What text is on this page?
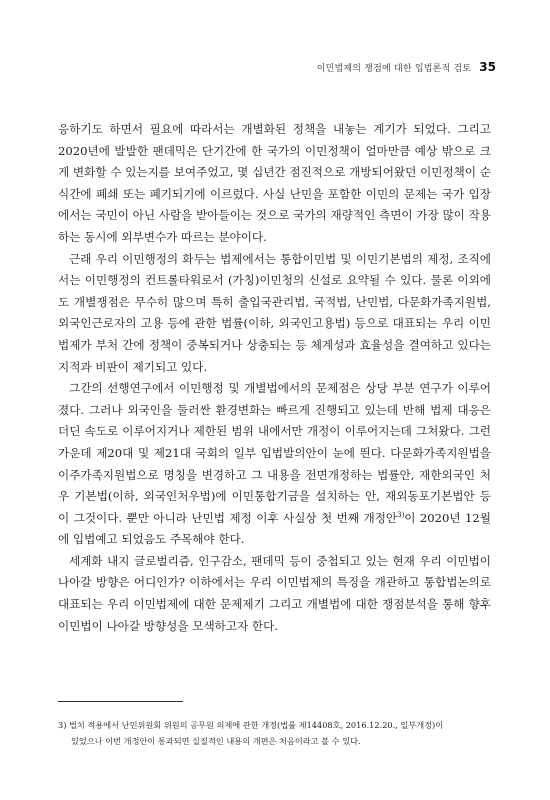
이민법제의 쟁점에 대한 입법론적 검토 35

응하기도 하면서 필요에 따라서는 개별화된 정책을 내놓는 계기가 되었다. 그리고 2020년에 발발한 팬데믹은 단기간에 한 국가의 이민정책이 얼마만큼 예상 밖으로 크게 변화할 수 있는지를 보여주었고, 몇 십년간 점진적으로 개방되어왔던 이민정책이 순식간에 폐쇄 또는 폐기되기에 이르렀다. 사실 난민을 포함한 이민의 문제는 국가 입장에서는 국민이 아닌 사람을 받아들이는 것으로 국가의 재량적인 측면이 가장 많이 작용하는 동시에 외부변수가 따르는 분야이다.

근래 우리 이민행정의 화두는 법제에서는 통합이민법 및 이민기본법의 제정, 조직에서는 이민행정의 컨트롤타워로서 (가칭)이민청의 신설로 요약될 수 있다. 물론 이외에도 개별쟁점은 무수히 많으며 특히 출입국관리법, 국적법, 난민법, 다문화가족지원법, 외국인근로자의 고용 등에 관한 법률(이하, 외국인고용법) 등으로 대표되는 우리 이민법제가 부처 간에 정책이 중복되거나 상충되는 등 체계성과 효율성을 결여하고 있다는 지적과 비판이 제기되고 있다.

그간의 선행연구에서 이민행정 및 개별법에서의 문제점은 상당 부분 연구가 이루어졌다. 그러나 외국인을 둘러싼 환경변화는 빠르게 진행되고 있는데 반해 법제 대응은 더딘 속도로 이루어지거나 제한된 범위 내에서만 개정이 이루어지는데 그쳐왔다. 그런 가운데 제20대 및 제21대 국회의 일부 입법발의안이 눈에 띈다. 다문화가족지원법을 이주가족지원법으로 명칭을 변경하고 그 내용을 전면개정하는 법률안, 재한외국인 처우 기본법(이하, 외국인처우법)에 이민통합기금을 설치하는 안, 재외동포기본법안 등이 그것이다. 뿐만 아니라 난민법 제정 이후 사실상 첫 번째 개정안$^{3)}$이 2020년 12월에 입법예고 되었음도 주목해야 한다.

세계화 내지 글로벌리즘, 인구감소, 팬데믹 등이 중첩되고 있는 현재 우리 이민법이 나아갈 방향은 어디인가? 이하에서는 우리 이민법제의 특징을 개관하고 통합법논의로 대표되는 우리 이민법제에 대한 문제제기 그리고 개별법에 대한 쟁점분석을 통해 향후 이민법이 나아갈 방향성을 모색하고자 한다.

3) 법치 적용에서 난민위원회 위원의 공무원 의제에 관한 개정(법률 제14408호, 2016.12.20., 일부개정)이

있었으나 이번 개정안이 통과되면 실질적인 내용의 개편은 처음이라고 볼 수 있다.
